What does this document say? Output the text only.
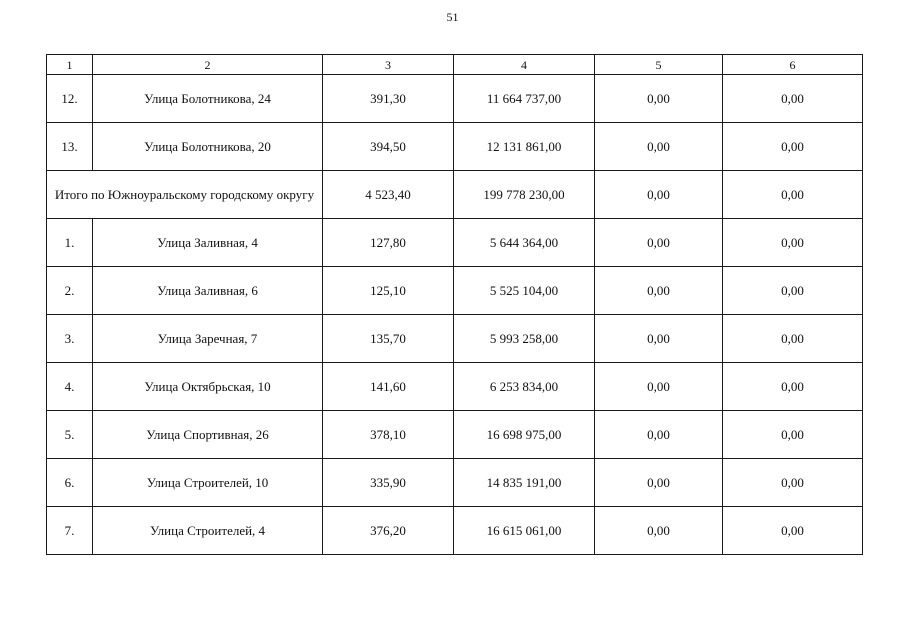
51
1	2	3	4	5	6
12.	Улица Болотникова, 24	391,30	11 664 737,00	0,00	0,00
13.	Улица Болотникова, 20	394,50	12 131 861,00	0,00	0,00
Итого по Южноуральскому городскому округу		4 523,40	199 778 230,00	0,00	0,00
1.	Улица Заливная, 4	127,80	5 644 364,00	0,00	0,00
2.	Улица Заливная, 6	125,10	5 525 104,00	0,00	0,00
3.	Улица Заречная, 7	135,70	5 993 258,00	0,00	0,00
4.	Улица Октябрьская, 10	141,60	6 253 834,00	0,00	0,00
5.	Улица Спортивная, 26	378,10	16 698 975,00	0,00	0,00
6.	Улица Строителей, 10	335,90	14 835 191,00	0,00	0,00
7.	Улица Строителей, 4	376,20	16 615 061,00	0,00	0,00
